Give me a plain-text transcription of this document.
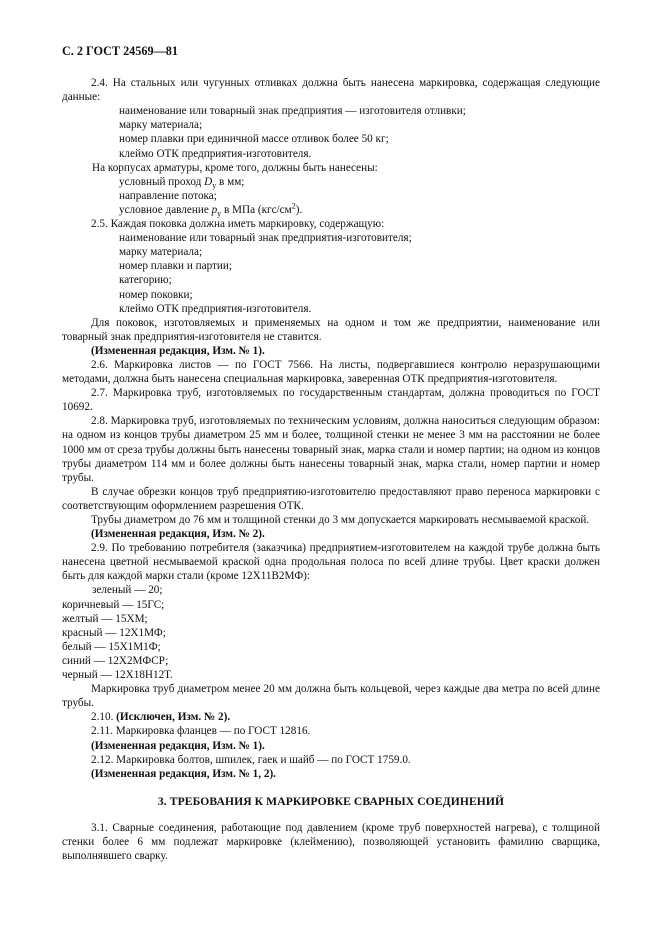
С. 2 ГОСТ 24569—81

2.4. На стальных или чугунных отливках должна быть нанесена маркировка, содержащая следующие данные:

наименование или товарный знак предприятия — изготовителя отливки;

марку материала;

номер плавки при единичной массе отливок более 50 кг;

клеймо ОТК предприятия-изготовителя.

На корпусах арматуры, кроме того, должны быть нанесены:

условный проход $D_y$ в мм;

направление потока;

условное давление $p_y$ в МПа $(кгс/см^2)$.

2.5. Каждая поковка должна иметь маркировку, содержащую:

наименование или товарный знак предприятия-изготовителя;

марку материала;

номер плавки и партии;

категорию;

номер поковки;

клеймо ОТК предприятия-изготовителя.

Для поковок, изготовляемых и применяемых на одном и том же предприятии, наименование или товарный знак предприятия-изготовителя не ставится.

(Измененная редакция, Изм. № 1).

2.6. Маркировка листов — по ГОСТ 7566. На листы, подвергавшиеся контролю неразрушающими методами, должна быть нанесена специальная маркировка, заверенная ОТК предприятия-изготовителя.

2.7. Маркировка труб, изготовляемых по государственным стандартам, должна проводиться по ГОСТ 10692.

2.8. Маркировка труб, изготовляемых по техническим условиям, должна наноситься следующим образом: на одном из концов трубы диаметром 25 мм и более, толщиной стенки не менее 3 мм на расстоянии не более 1000 мм от среза трубы должны быть нанесены товарный знак, марка стали и номер партии; на одном из концов трубы диаметром 114 мм и более должны быть нанесены товарный знак, марка стали, номер партии и номер трубы.

В случае обрезки концов труб предприятию-изготовителю предоставляют право переноса маркировки с соответствующим оформлением разрешения ОТК.

Трубы диаметром до 76 мм и толщиной стенки до 3 мм допускается маркировать несмываемой краской.

(Измененная редакция, Изм. № 2).

2.9. По требованию потребителя (заказчика) предприятием-изготовителем на каждой трубе должна быть нанесена цветной несмываемой краской одна продольная полоса по всей длине трубы. Цвет краски должен быть для каждой марки стали (кроме 12Х11В2МФ):

зеленый — 20;

коричневый — 15ГС;

желтый — 15ХМ;

красный — 12Х1МФ;

белый — 15Х1М1Ф;

синий — 12Х2МФСР;

черный — 12Х18Н12Т.

Маркировка труб диаметром менее 20 мм должна быть кольцевой, через каждые два метра по всей длине трубы.

2.10. (Исключен, Изм. № 2).

2.11. Маркировка фланцев — по ГОСТ 12816.

(Измененная редакция, Изм. № 1).

2.12. Маркировка болтов, шпилек, гаек и шайб — по ГОСТ 1759.0.

(Измененная редакция, Изм. № 1, 2).

3. ТРЕБОВАНИЯ К МАРКИРОВКЕ СВАРНЫХ СОЕДИНЕНИЙ

3.1. Сварные соединения, работающие под давлением (кроме труб поверхностей нагрева), с толщиной стенки более 6 мм подлежат маркировке (клеймению), позволяющей установить фамилию сварщика, выполнявшего сварку.
